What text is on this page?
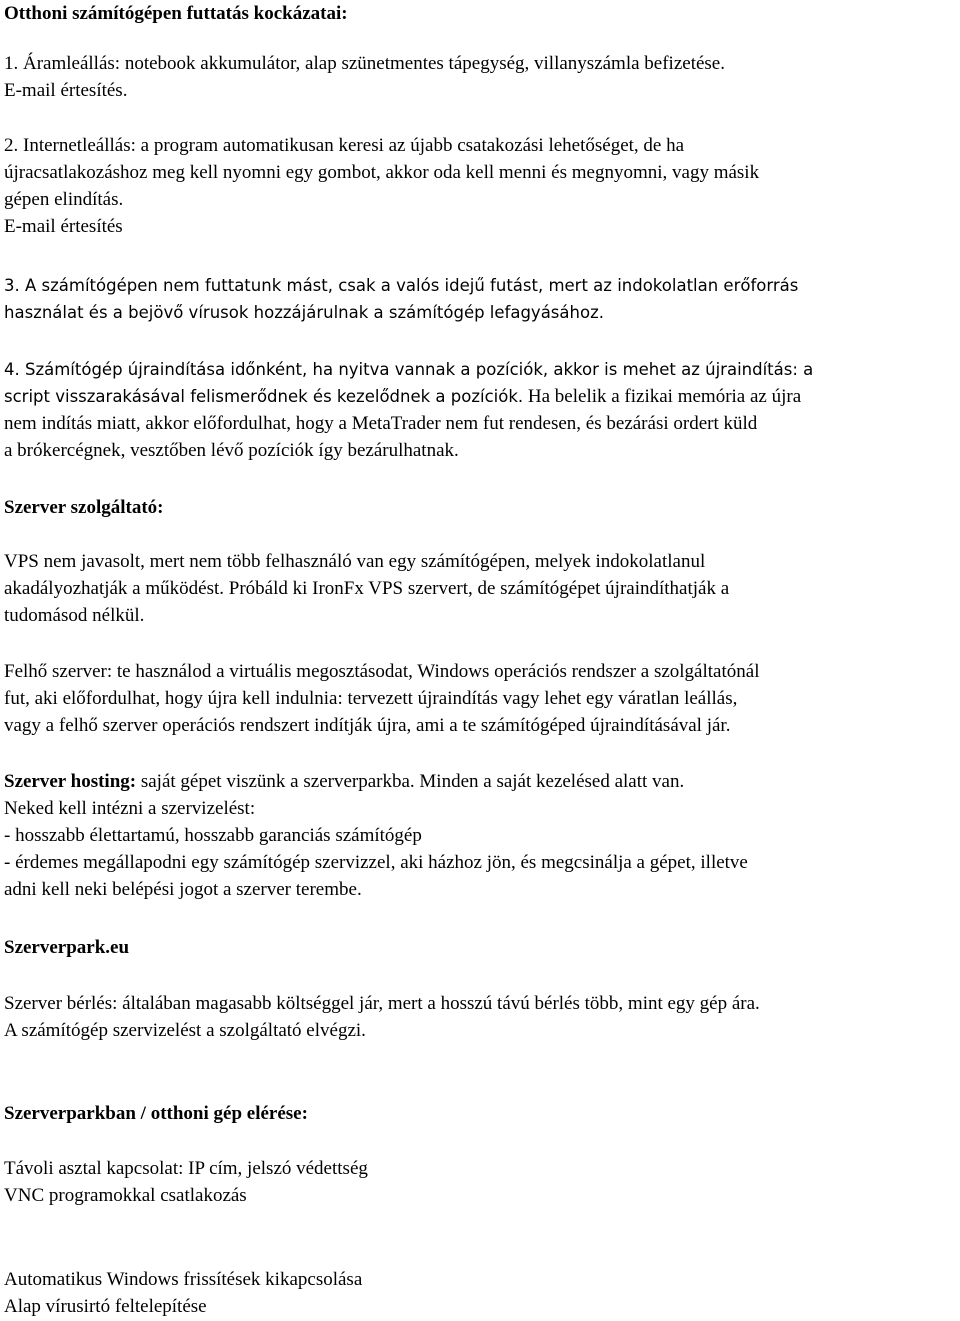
Otthoni számítógépen futtatás kockázatai:
1. Áramleállás: notebook akkumulátor, alap szünetmentes tápegység, villanyszámla befizetése.
E-mail értesítés.
2. Internetleállás: a program automatikusan keresi az újabb csatakozási lehetőséget, de ha
újracsatlakozáshoz meg kell nyomni egy gombot, akkor oda kell menni és megnyomni, vagy másik
gépen elindítás.
E-mail értesítés
3. A számítógépen nem futtatunk mást, csak a valós idejű futást, mert az indokolatlan erőforrás
használat és a bejövő vírusok hozzájárulnak a számítógép lefagyásához.
4. Számítógép újraindítása időnként, ha nyitva vannak a pozíciók, akkor is mehet az újraindítás: a
script visszarakásával felismerődnek és kezelődnek a pozíciók. Ha belelik a fizikai memória az újra
nem indítás miatt, akkor előfordulhat, hogy a MetaTrader nem fut rendesen, és bezárási ordert küld
a brókercégnek, vesztőben lévő pozíciók így bezárulhatnak.
Szerver szolgáltató:
VPS nem javasolt, mert nem több felhasználó van egy számítógépen, melyek indokolatlanul
akadályozhatják a működést. Próbáld ki IronFx VPS szervert, de számítógépet újraindíthatják a
tudomásod nélkül.
Felhő szerver: te használod a virtuális megosztásodat, Windows operációs rendszer a szolgáltatónál
fut, aki előfordulhat, hogy újra kell indulnia: tervezett újraindítás vagy lehet egy váratlan leállás,
vagy a felhő szerver operációs rendszert indítják újra, ami a te számítógéped újraindításával jár.
Szerver hosting: saját gépet viszünk a szerverparkba. Minden a saját kezelésed alatt van.
Neked kell intézni a szervizelést:
- hosszabb élettartamú, hosszabb garanciás számítógép
- érdemes megállapodni egy számítógép szervizzel, aki házhoz jön, és megcsinálja a gépet, illetve
adni kell neki belépési jogot a szerver terembe.
Szerverpark.eu
Szerver bérlés: általában magasabb költséggel jár, mert a hosszú távú bérlés több, mint egy gép ára.
A számítógép szervizelést a szolgáltató elvégzi.
Szerverparkban / otthoni gép elérése:
Távoli asztal kapcsolat: IP cím, jelszó védettség
VNC programokkal csatlakozás
Automatikus Windows frissítések kikapcsolása
Alap vírusirtó feltelepítése
